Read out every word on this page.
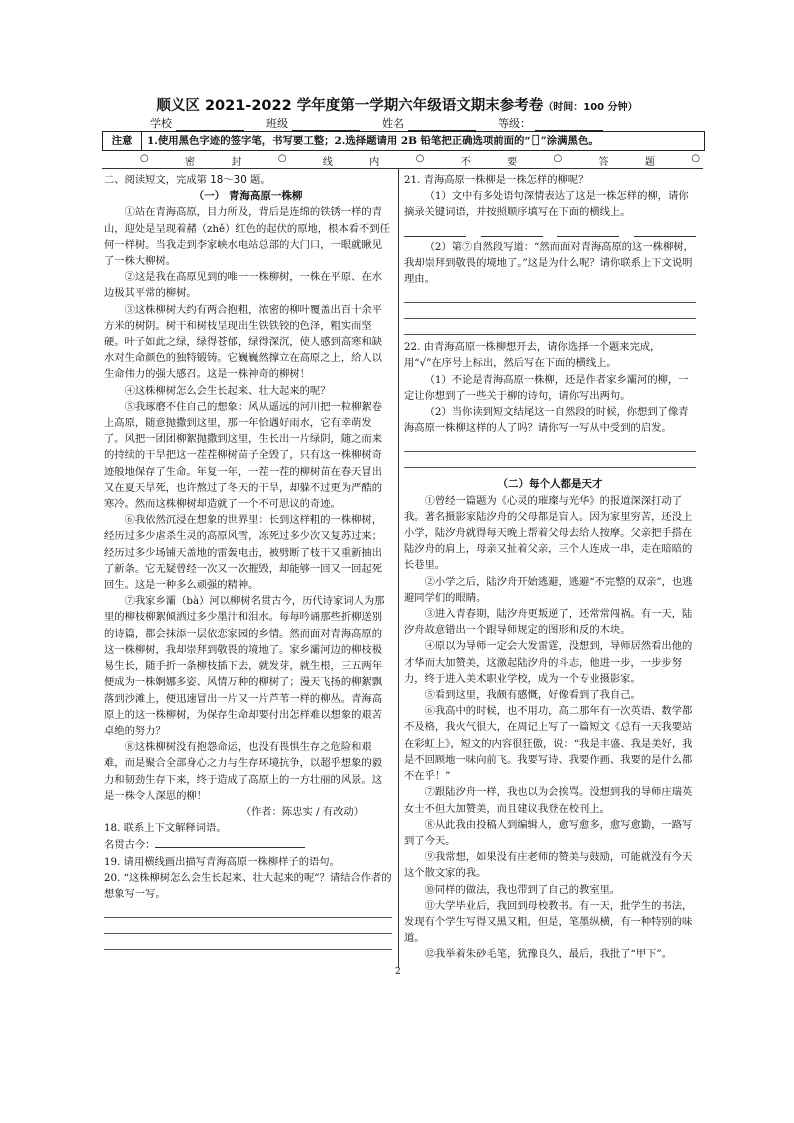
顺义区 2021-2022 学年度第一学期六年级语文期末参考卷（时间：100 分钟）
学校	班级	姓名	等级：
注意	1.使用黑色字迹的签字笔，书写要工整；2.选择题请用 2B 铅笔把正确选项前面的“［］”涂满黑色。
○	密	封	○	线	内	○	不	要	○	答	题	○

二、阅读短文，完成第 18～30 题。

（一） 青海高原一株柳

①站在青海高原，目力所及，背后是连绵的铁锈一样的青山，迎处是呈现着赭（zhě）红色的起伏的原地，根本看不到任何一样树。当我走到李家峡水电站总部的大门口，一眼就瞅见了一株大柳树。

②这是我在高原见到的唯一一株柳树，一株在平原、在水边极其平常的柳树。

③这株柳树大约有两合抱粗，浓密的柳叶覆盖出百十余平方米的树阴。树干和树枝呈现出生铁铁铰的色泽，粗实而坚硬。叶子如此之绿，绿得苍郁，绿得深沉，使人感到高寒和缺水对生命颜色的独特锻铸。它巍巍然撑立在高原之上，给人以生命伟力的强大感召。这是一株神奇的柳树！

④这株柳树怎么会生长起来、壮大起来的呢？

⑤我琢磨不住自己的想象：风从遥远的河川把一粒柳絮卷上高原，随意抛撒到这里，那一年恰遇好雨水，它有幸萌发了。风把一团团柳絮抛撒到这里，生长出一片绿阴，随之而来的持续的干旱把这一茬茬柳树苗子全毁了，只有这一株柳树奇迹般地保存了生命。年复一年，一茬一茬的柳树苗在春天冒出又在夏天旱死，也许熬过了冬天的干旱，却躲不过更为严酷的寒冷。然而这株柳树却造就了一个不可思议的奇迹。

⑥我依然沉浸在想象的世界里：长到这样粗的一株柳树，经历过多少虐杀生灵的高原风雪，冻死过多少次又复苏过来；经历过多少场铺天盖地的雷轰电击，被劈断了枝干又重新抽出了新条。它无疑曾经一次又一次摧毁，却能够一回又一回起死回生。这是一种多么顽强的精神。

⑦我家乡灞（bà）河以柳树名贯古今，历代诗家词人为那里的柳枝柳絮倾洒过多少墨汁和泪水。每每吟诵那些折柳送别的诗篇，都会抹添一层依恋家园的乡情。然而面对青海高原的这一株柳树，我却崇拜到敬畏的境地了。家乡灞河边的柳枝极易生长，随手折一条柳枝插下去，就发芽，就生根，三五两年便成为一株婀娜多姿、风情万种的柳树了；漫天飞扬的柳絮飘落到沙滩上，便迅速冒出一片又一片芦苇一样的柳丛。青海高原上的这一株柳树，为保存生命却要付出怎样难以想象的艰苦卓绝的努力？

⑧这株柳树没有抱怨命运，也没有畏惧生存之危险和艰难，而是聚合全部身心之力与生存环境抗争，以超乎想象的毅力和韧劲生存下来，终于造成了高原上的一方壮丽的风景。这是一株令人深思的柳！

（作者：陈忠实 / 有改动）

18. 联系上下文解释词语。

名贯古今：

19. 请用横线画出描写青海高原一株柳样子的语句。

20. “这株柳树怎么会生长起来、壮大起来的呢”？请结合作者的想象写一写。

21. 青海高原一株柳是一株怎样的柳呢？

（1）文中有多处语句深情表达了这是一株怎样的柳，请你摘录关键词语，并按照顺序填写在下面的横线上。

（2）第⑦自然段写道：“然而面对青海高原的这一株柳树，我却崇拜到敬畏的境地了。”这是为什么呢？请你联系上下文说明理由。

22. 由青海高原一株柳想开去，请你选择一个题来完成，用“√”在序号上标出，然后写在下面的横线上。

（1）不论是青海高原一株柳，还是作者家乡灞河的柳，一定让你想到了一些关于柳的诗句，请你写出两句。

（2）当你读到短文结尾这一自然段的时候，你想到了像青海高原一株柳这样的人了吗？请你写一写从中受到的启发。

（二）每个人都是天才

①曾经一篇题为《心灵的璀璨与光华》的报道深深打动了我。著名摄影家陆汐舟的父母都是盲人。因为家里穷苦，还没上小学，陆汐舟就得每天晚上帮着父母去给人按摩。父亲把手搭在陆汐舟的肩上，母亲又扯着父亲，三个人连成一串，走在暗暗的长巷里。

②小学之后，陆汐舟开始逃避，逃避“不完整的双亲”，也逃避同学们的眼睛。

③进入青春期，陆汐舟更叛逆了，还常常闯祸。有一天，陆汐舟故意错出一个跟导师规定的图形和反的木块。

④原以为导师一定会大发雷霆，没想到，导师居然看出他的才华而大加赞美，这激起陆汐舟的斗志，他进一步，一步步努力，终于进入美术职业学校，成为一个专业摄影家。

⑤看到这里，我颇有感慨，好像看到了我自己。

⑥我高中的时候，也不用功，高二那年有一次英语、数学都不及格，我火气很大，在周记上写了一篇短文《总有一天我要站在彩虹上》，短文的内容很狂傲，说：“我是丰盛、我是美好，我是不回顾地一味向前飞。我要写诗、我要作画、我要的是什么都不在乎！”

⑦跟陆汐舟一样，我也以为会挨骂。没想到我的导师庄瑞英女士不但大加赞美，而且建议我登在校刊上。

⑧从此我由投稿人到编辑人，愈写愈多，愈写愈勤，一路写到了今天。

⑨我常想，如果没有庄老师的赞美与鼓励，可能就没有今天这个散文家的我。

⑩同样的做法，我也带到了自己的教室里。

⑪大学毕业后，我回到母校教书。有一天，批学生的书法，发现有个学生写得又黑又粗，但是，笔墨纵横，有一种特别的味道。

⑫我举着朱砂毛笔，犹豫良久，最后，我批了“甲下”。

2
